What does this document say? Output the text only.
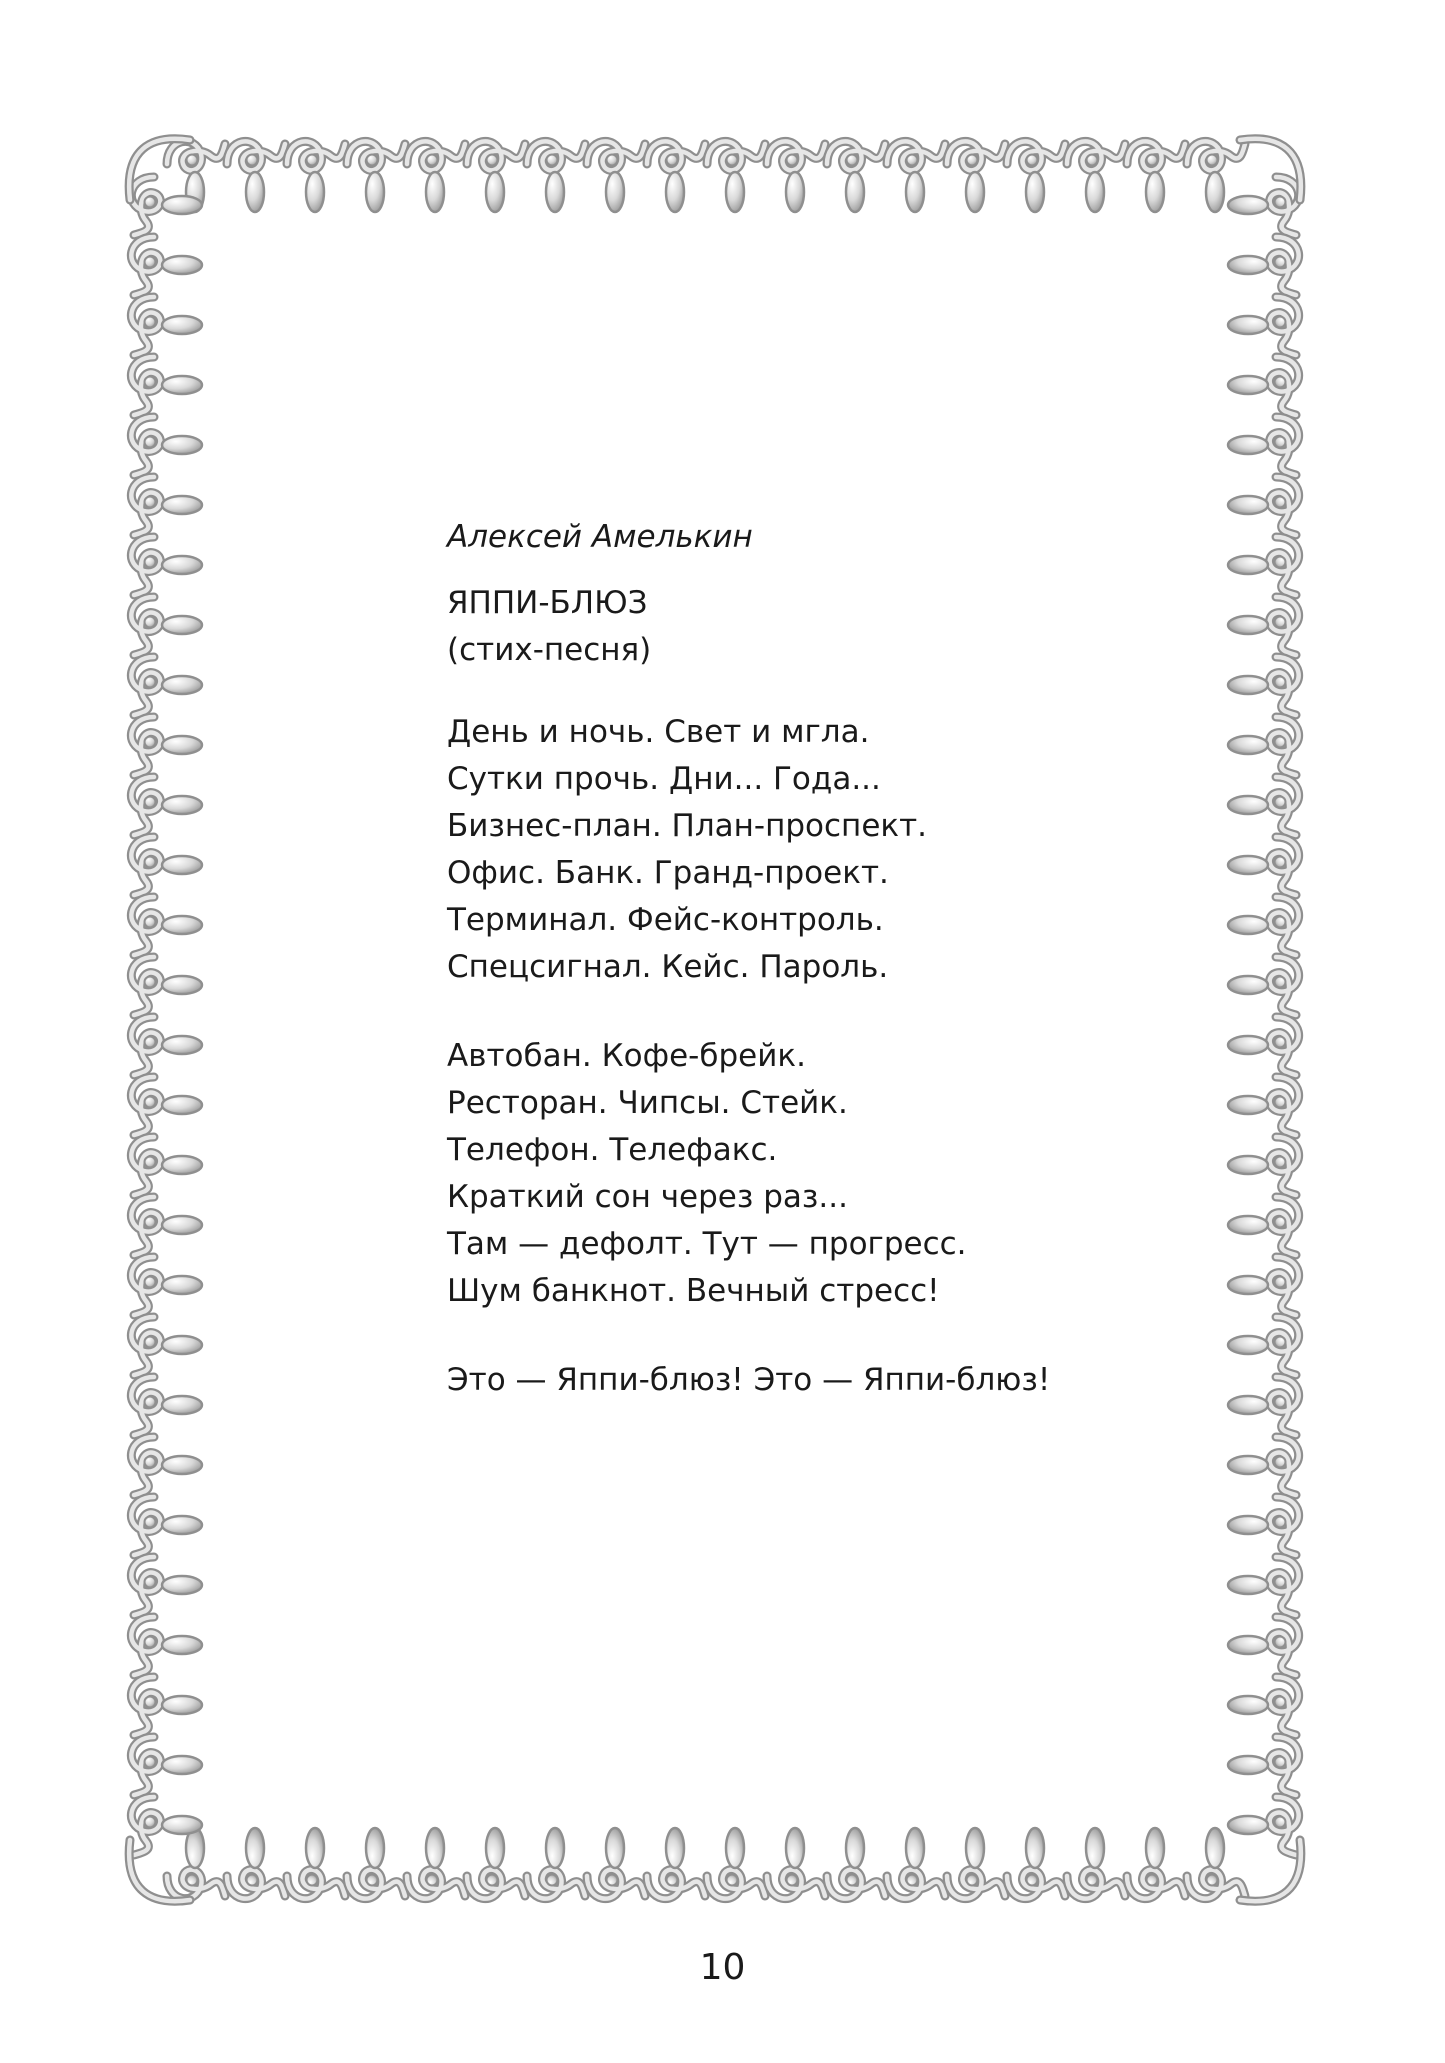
Алексей Амелькин
ЯППИ-БЛЮЗ
(стих-песня)
День и ночь. Свет и мгла.
Сутки прочь. Дни... Года...
Бизнес-план. План-проспект.
Офис. Банк. Гранд-проект.
Терминал. Фейс-контроль.
Спецсигнал. Кейс. Пароль.
Автобан. Кофе-брейк.
Ресторан. Чипсы. Стейк.
Телефон. Телефакс.
Краткий сон через раз...
Там — дефолт. Тут — прогресс.
Шум банкнот. Вечный стресс!
Это — Яппи-блюз! Это — Яппи-блюз!
10
